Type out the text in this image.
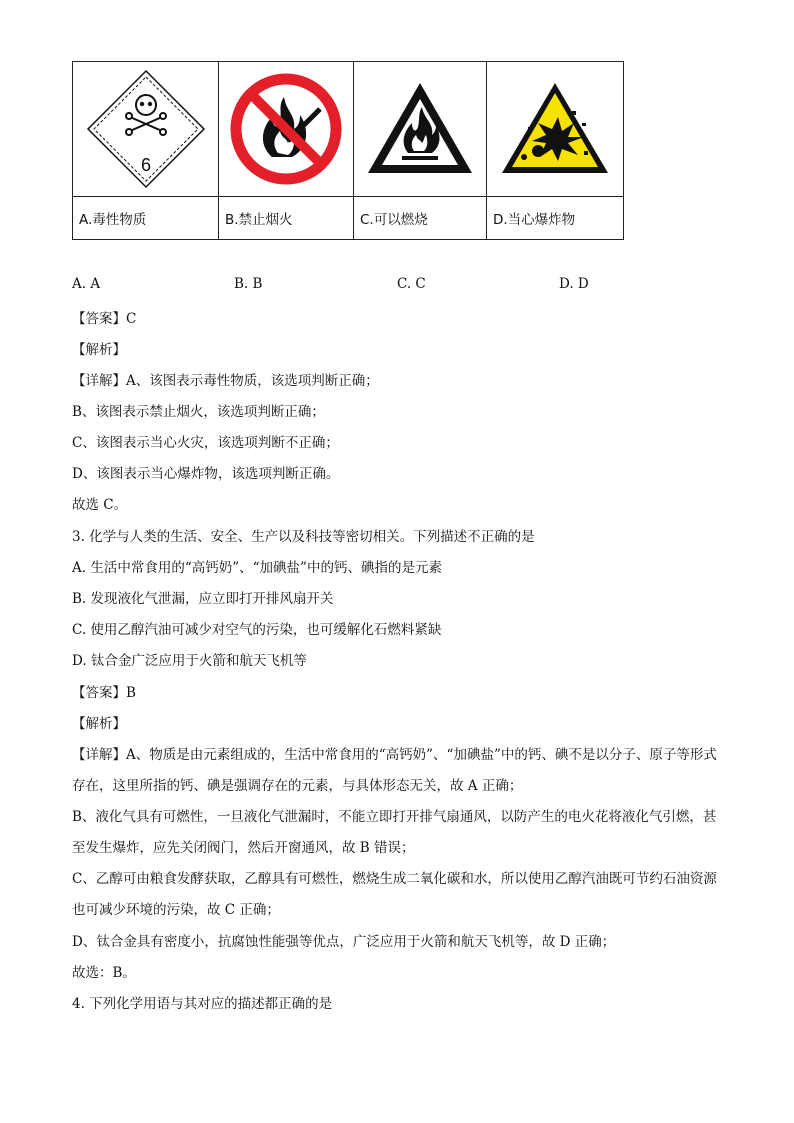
6

A.毒性物质	B.禁止烟火	C.可以燃烧	D.当心爆炸物
A. A	B. B	C. C	D. D
【答案】C
【解析】
【详解】A、该图表示毒性物质，该选项判断正确；
B、该图表示禁止烟火，该选项判断正确；
C、该图表示当心火灾，该选项判断不正确；
D、该图表示当心爆炸物，该选项判断正确。
故选 C。
3. 化学与人类的生活、安全、生产以及科技等密切相关。下列描述不正确的是
A. 生活中常食用的“高钙奶”、“加碘盐”中的钙、碘指的是元素
B. 发现液化气泄漏，应立即打开排风扇开关
C. 使用乙醇汽油可减少对空气的污染，也可缓解化石燃料紧缺
D. 钛合金广泛应用于火箭和航天飞机等
【答案】B
【解析】
【详解】A、物质是由元素组成的，生活中常食用的“高钙奶”、“加碘盐”中的钙、碘不是以分子、原子等形式存在，这里所指的钙、碘是强调存在的元素，与具体形态无关，故 A 正确；
B、液化气具有可燃性，一旦液化气泄漏时，不能立即打开排气扇通风，以防产生的电火花将液化气引燃，甚至发生爆炸，应先关闭阀门，然后开窗通风，故 B 错误；
C、乙醇可由粮食发酵获取，乙醇具有可燃性，燃烧生成二氧化碳和水，所以使用乙醇汽油既可节约石油资源也可减少环境的污染，故 C 正确；
D、钛合金具有密度小，抗腐蚀性能强等优点，广泛应用于火箭和航天飞机等，故 D 正确；
故选：B。
4. 下列化学用语与其对应的描述都正确的是
